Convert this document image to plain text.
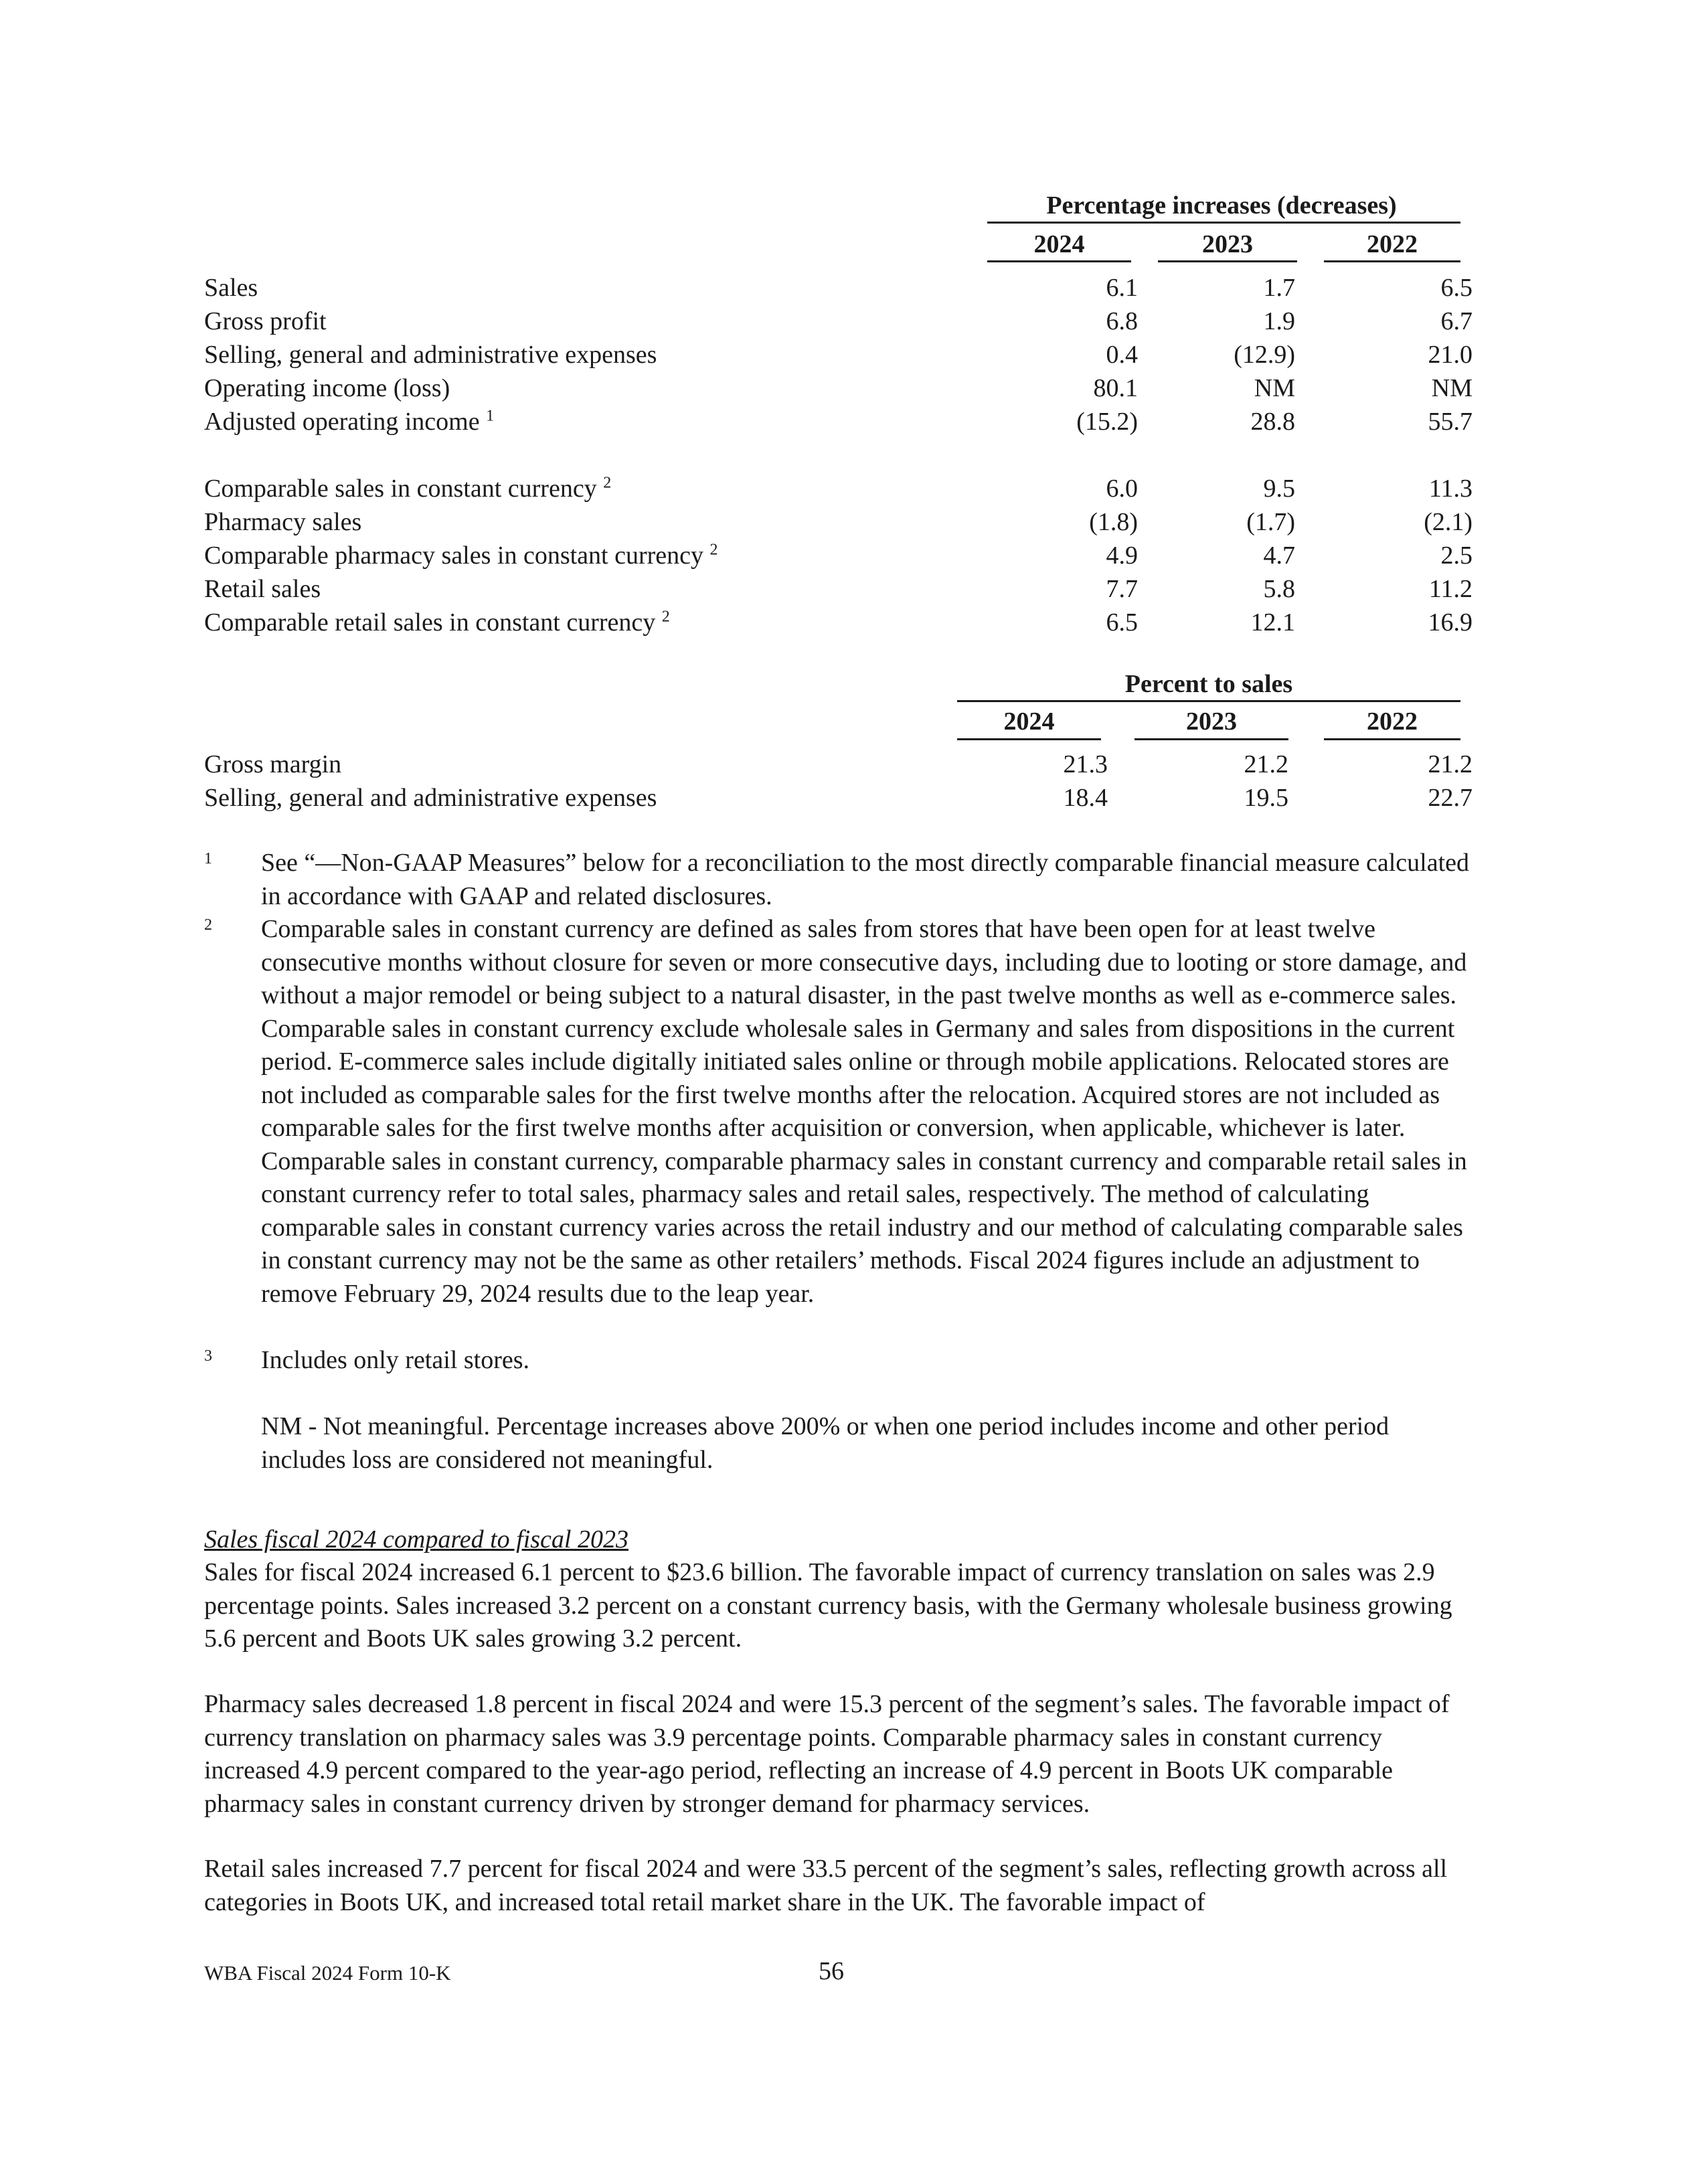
Percentage increases (decreases)
2024	2023	2022
Sales	6.1	1.7	6.5
Gross profit	6.8	1.9	6.7
Selling, general and administrative expenses	0.4	(12.9)	21.0
Operating income (loss)	80.1	NM	NM
Adjusted operating income $^1$	(15.2)	28.8	55.7
Comparable sales in constant currency $^2$	6.0	9.5	11.3
Pharmacy sales	(1.8)	(1.7)	(2.1)
Comparable pharmacy sales in constant currency $^2$	4.9	4.7	2.5
Retail sales	7.7	5.8	11.2
Comparable retail sales in constant currency $^2$	6.5	12.1	16.9
Percent to sales
2024	2023	2022
Gross margin	21.3	21.2	21.2
Selling, general and administrative expenses	18.4	19.5	22.7
1 See “—Non-GAAP Measures” below for a reconciliation to the most directly comparable financial measure calculated in accordance with GAAP and related disclosures.
2 Comparable sales in constant currency are defined as sales from stores that have been open for at least twelve consecutive months without closure for seven or more consecutive days, including due to looting or store damage, and without a major remodel or being subject to a natural disaster, in the past twelve months as well as e-commerce sales. Comparable sales in constant currency exclude wholesale sales in Germany and sales from dispositions in the current period. E-commerce sales include digitally initiated sales online or through mobile applications. Relocated stores are not included as comparable sales for the first twelve months after the relocation. Acquired stores are not included as comparable sales for the first twelve months after acquisition or conversion, when applicable, whichever is later. Comparable sales in constant currency, comparable pharmacy sales in constant currency and comparable retail sales in constant currency refer to total sales, pharmacy sales and retail sales, respectively. The method of calculating comparable sales in constant currency varies across the retail industry and our method of calculating comparable sales in constant currency may not be the same as other retailers’ methods. Fiscal 2024 figures include an adjustment to remove February 29, 2024 results due to the leap year.
3 Includes only retail stores.
NM - Not meaningful. Percentage increases above 200% or when one period includes income and other period includes loss are considered not meaningful.
Sales fiscal 2024 compared to fiscal 2023
Sales for fiscal 2024 increased 6.1 percent to $23.6 billion. The favorable impact of currency translation on sales was 2.9 percentage points. Sales increased 3.2 percent on a constant currency basis, with the Germany wholesale business growing 5.6 percent and Boots UK sales growing 3.2 percent.
Pharmacy sales decreased 1.8 percent in fiscal 2024 and were 15.3 percent of the segment’s sales. The favorable impact of currency translation on pharmacy sales was 3.9 percentage points. Comparable pharmacy sales in constant currency increased 4.9 percent compared to the year-ago period, reflecting an increase of 4.9 percent in Boots UK comparable pharmacy sales in constant currency driven by stronger demand for pharmacy services.
Retail sales increased 7.7 percent for fiscal 2024 and were 33.5 percent of the segment’s sales, reflecting growth across all categories in Boots UK, and increased total retail market share in the UK. The favorable impact of
WBA Fiscal 2024 Form 10-K	56
